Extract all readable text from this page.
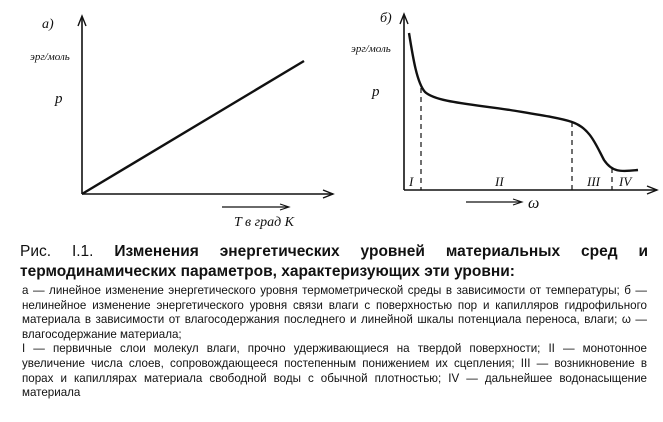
а)
эрг/моль
p
T в град К
б)
эрг/моль
p
ω
I	II	III IV
Рис. I.1. Изменения энергетических уровней материальных сред и термодинамических параметров, характеризующих эти уровни:

а — линейное изменение энергетического уровня термометрической среды в зависимости от температуры; б — нелинейное изменение энергетического уровня связи влаги с поверхностью пор и капилляров гидрофильного материала в зависимости от влагосодержания последнего и линейной шкалы потенциала переноса, влаги; ω — влагосодержание материала;

I — первичные слои молекул влаги, прочно удерживающиеся на твердой поверхности; II — монотонное увеличение числа слоев, сопровождающееся постепенным понижением их сцепления; III — возникновение в порах и капиллярах материала свободной воды с обычной плотностью; IV — дальнейшее водонасыщение материала
